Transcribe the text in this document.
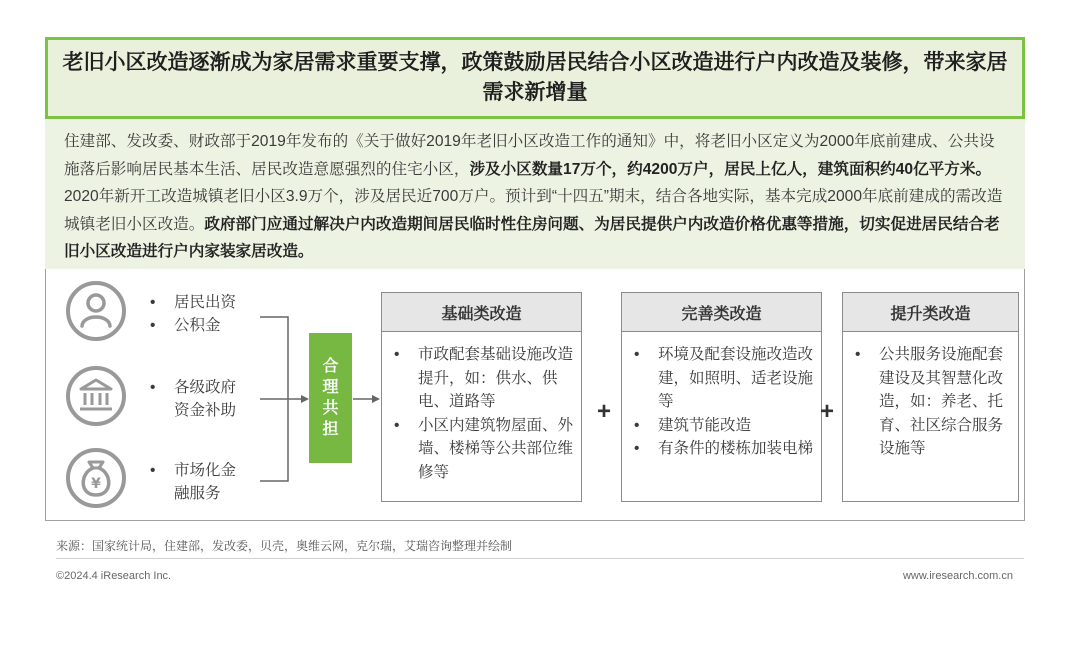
老旧小区改造逐渐成为家居需求重要支撑，政策鼓励居民结合小区改造进行户内改造及装修，带来家居需求新增量
住建部、发改委、财政部于2019年发布的《关于做好2019年老旧小区改造工作的通知》中，将老旧小区定义为2000年底前建成、公共设施落后影响居民基本生活、居民改造意愿强烈的住宅小区，涉及小区数量17万个，约4200万户，居民上亿人，建筑面积约40亿平方米。2020年新开工改造城镇老旧小区3.9万个，涉及居民近700万户。预计到“十四五”期末，结合各地实际，基本完成2000年底前建成的需改造城镇老旧小区改造。政府部门应通过解决户内改造期间居民临时性住房问题、为居民提供户内改造价格优惠等措施，切实促进居民结合老旧小区改造进行户内家装家居改造。
¥
•	居民出资
•	公积金
•	各级政府
资金补助
•	市场化金
融服务
合
理
共
担
基础类改造
•	市政配套基础设施改造提升，如：供水、供电、道路等
•	小区内建筑物屋面、外墙、楼梯等公共部位维修等
+
完善类改造
•	环境及配套设施改造改建，如照明、适老设施等
•	建筑节能改造
•	有条件的楼栋加装电梯
+
提升类改造
•	公共服务设施配套建设及其智慧化改造，如：养老、托育、社区综合服务设施等
来源：国家统计局，住建部，发改委，贝壳，奥维云网，克尔瑞，艾瑞咨询整理并绘制
©2024.4 iResearch Inc.	www.iresearch.com.cn
